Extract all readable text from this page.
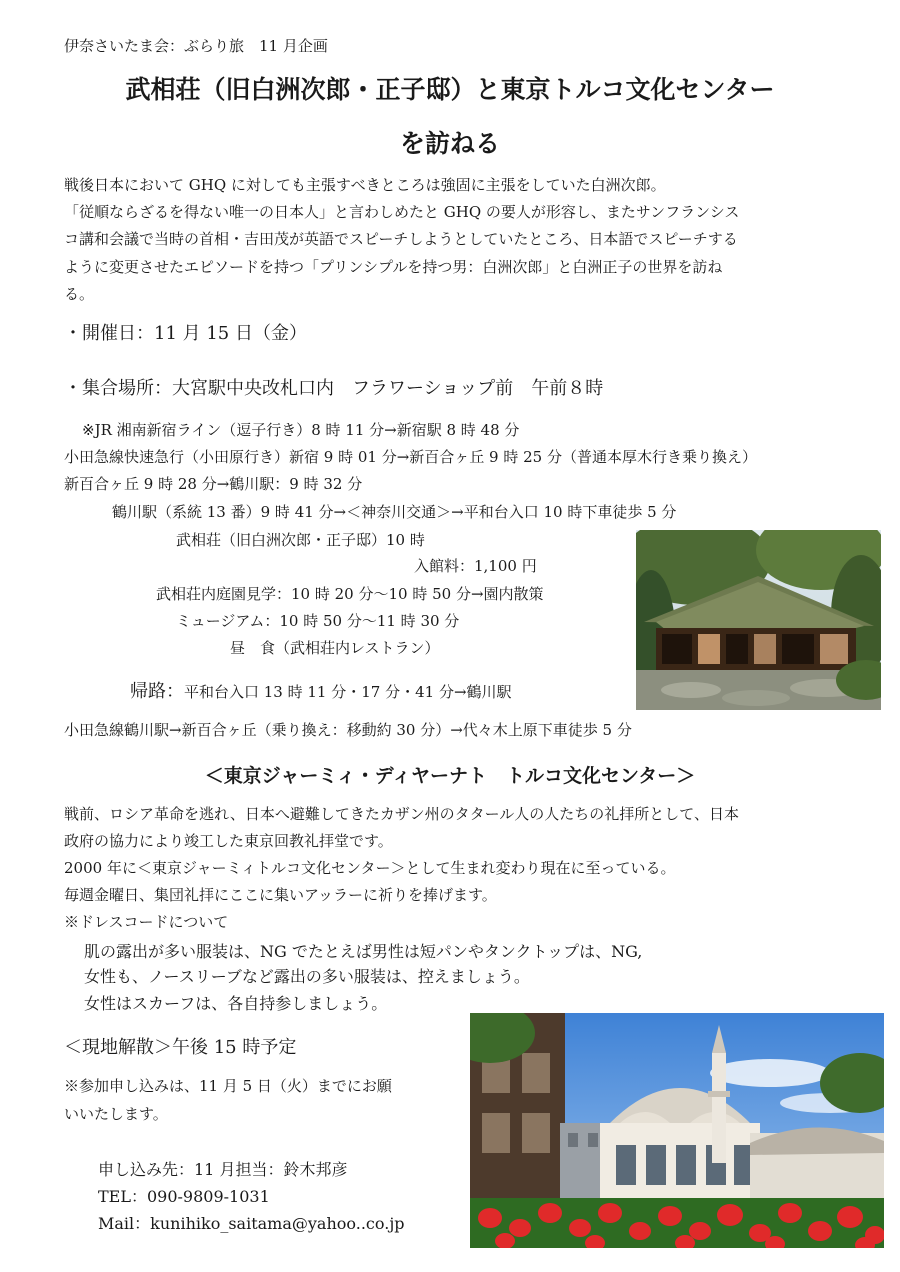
伊奈さいたま会：ぶらり旅　11 月企画
武相荘（旧白洲次郎・正子邸）と東京トルコ文化センター
を訪ねる
戦後日本において GHQ に対しても主張すべきところは強固に主張をしていた白洲次郎。
「従順ならざるを得ない唯一の日本人」と言わしめたと GHQ の要人が形容し、またサンフランシス
コ講和会議で当時の首相・吉田茂が英語でスピーチしようとしていたところ、日本語でスピーチする
ように変更させたエピソードを持つ「プリンシプルを持つ男：白洲次郎」と白洲正子の世界を訪ね
る。
・開催日：11 月 15 日（金）
・集合場所：大宮駅中央改札口内　フラワーショップ前　午前８時
※JR 湘南新宿ライン（逗子行き）8 時 11 分→新宿駅 8 時 48 分
小田急線快速急行（小田原行き）新宿 9 時 01 分→新百合ヶ丘 9 時 25 分（普通本厚木行き乗り換え）
新百合ヶ丘 9 時 28 分→鶴川駅：9 時 32 分
鶴川駅（系統 13 番）9 時 41 分→＜神奈川交通＞→平和台入口 10 時下車徒歩 5 分
武相荘（旧白洲次郎・正子邸）10 時
入館料：1,100 円
武相荘内庭園見学：10 時 20 分～10 時 50 分→園内散策
ミュージアム：10 時 50 分～11 時 30 分
昼　食（武相荘内レストラン）
帰路：平和台入口 13 時 11 分・17 分・41 分→鶴川駅
小田急線鶴川駅→新百合ヶ丘（乗り換え：移動約 30 分）→代々木上原下車徒歩 5 分
＜東京ジャーミィ・ディヤーナト　トルコ文化センター＞
戦前、ロシア革命を逃れ、日本へ避難してきたカザン州のタタール人の人たちの礼拝所として、日本
政府の協力により竣工した東京回教礼拝堂です。
2000 年に＜東京ジャーミィトルコ文化センター＞として生まれ変わり現在に至っている。
毎週金曜日、集団礼拝にここに集いアッラーに祈りを捧げます。
※ドレスコードについて
肌の露出が多い服装は、NG でたとえば男性は短パンやタンクトップは、NG,
女性も、ノースリーブなど露出の多い服装は、控えましょう。
女性はスカーフは、各自持参しましょう。
＜現地解散＞午後 15 時予定
※参加申し込みは、11 月 5 日（火）までにお願
いいたします。
申し込み先：11 月担当：鈴木邦彦
TEL：090-9809-1031
Mail：kunihiko_saitama@yahoo..co.jp
